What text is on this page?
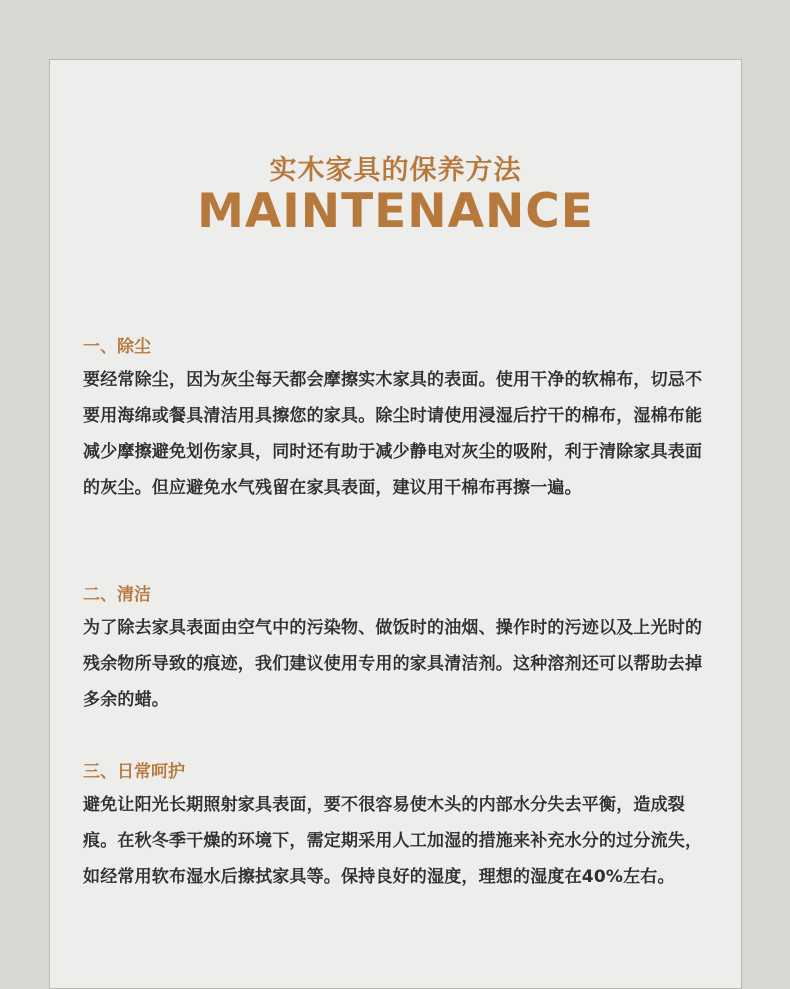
实木家具的保养方法
MAINTENANCE
一、除尘
要经常除尘，因为灰尘每天都会摩擦实木家具的表面。使用干净的软棉布，切忌不要用海绵或餐具清洁用具擦您的家具。除尘时请使用浸湿后拧干的棉布，湿棉布能减少摩擦避免划伤家具，同时还有助于减少静电对灰尘的吸附，利于清除家具表面的灰尘。但应避免水气残留在家具表面，建议用干棉布再擦一遍。
二、清洁
为了除去家具表面由空气中的污染物、做饭时的油烟、操作时的污迹以及上光时的残余物所导致的痕迹，我们建议使用专用的家具清洁剂。这种溶剂还可以帮助去掉多余的蜡。
三、日常呵护
避免让阳光长期照射家具表面，要不很容易使木头的内部水分失去平衡，造成裂痕。在秋冬季干燥的环境下，需定期采用人工加湿的措施来补充水分的过分流失，如经常用软布湿水后擦拭家具等。保持良好的湿度，理想的湿度在40%左右。
